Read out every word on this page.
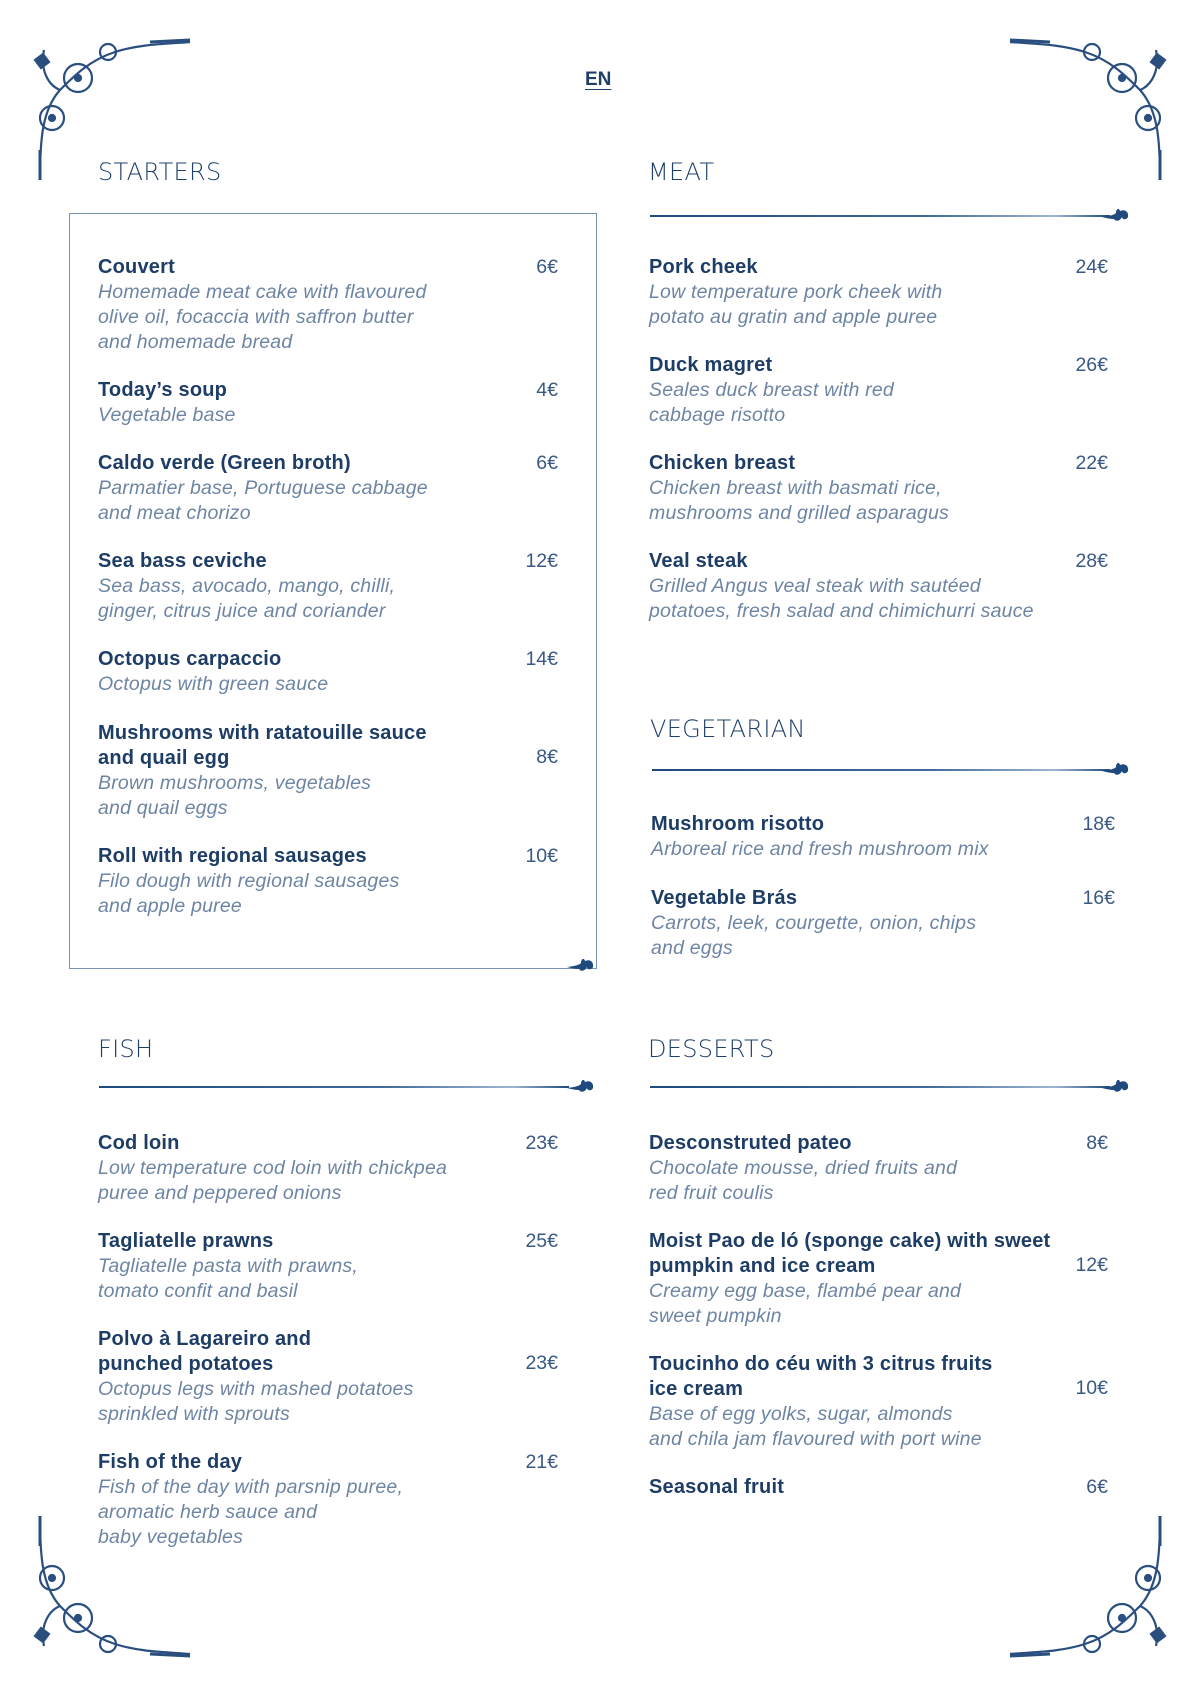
EN
STARTERS
Couvert
Homemade meat cake with flavoured
olive oil, focaccia with saffron butter
and homemade bread
6€
Today’s soup
Vegetable base
4€
Caldo verde (Green broth)
Parmatier base, Portuguese cabbage
and meat chorizo
6€
Sea bass ceviche
Sea bass, avocado, mango, chilli,
ginger, citrus juice and coriander
12€
Octopus carpaccio
Octopus with green sauce
14€
Mushrooms with ratatouille sauce
and quail egg
Brown mushrooms, vegetables
and quail eggs
8€
Roll with regional sausages
Filo dough with regional sausages
and apple puree
10€
MEAT
Pork cheek
Low temperature pork cheek with
potato au gratin and apple puree
24€
Duck magret
Seales duck breast with red
cabbage risotto
26€
Chicken breast
Chicken breast with basmati rice,
mushrooms and grilled asparagus
22€
Veal steak
Grilled Angus veal steak with sautéed
potatoes, fresh salad and chimichurri sauce
28€
VEGETARIAN
Mushroom risotto
Arboreal rice and fresh mushroom mix
18€
Vegetable Brás
Carrots, leek, courgette, onion, chips
and eggs
16€
FISH
Cod loin
Low temperature cod loin with chickpea
puree and peppered onions
23€
Tagliatelle prawns
Tagliatelle pasta with prawns,
tomato confit and basil
25€
Polvo à Lagareiro and
punched potatoes
Octopus legs with mashed potatoes
sprinkled with sprouts
23€
Fish of the day
Fish of the day with parsnip puree,
aromatic herb sauce and
baby vegetables
21€
DESSERTS
Desconstruted pateo
Chocolate mousse, dried fruits and
red fruit coulis
8€
Moist Pao de ló (sponge cake) with sweet
pumpkin and ice cream
Creamy egg base, flambé pear and
sweet pumpkin
12€
Toucinho do céu with 3 citrus fruits
ice cream
Base of egg yolks, sugar, almonds
and chila jam flavoured with port wine
10€
Seasonal fruit	6€
